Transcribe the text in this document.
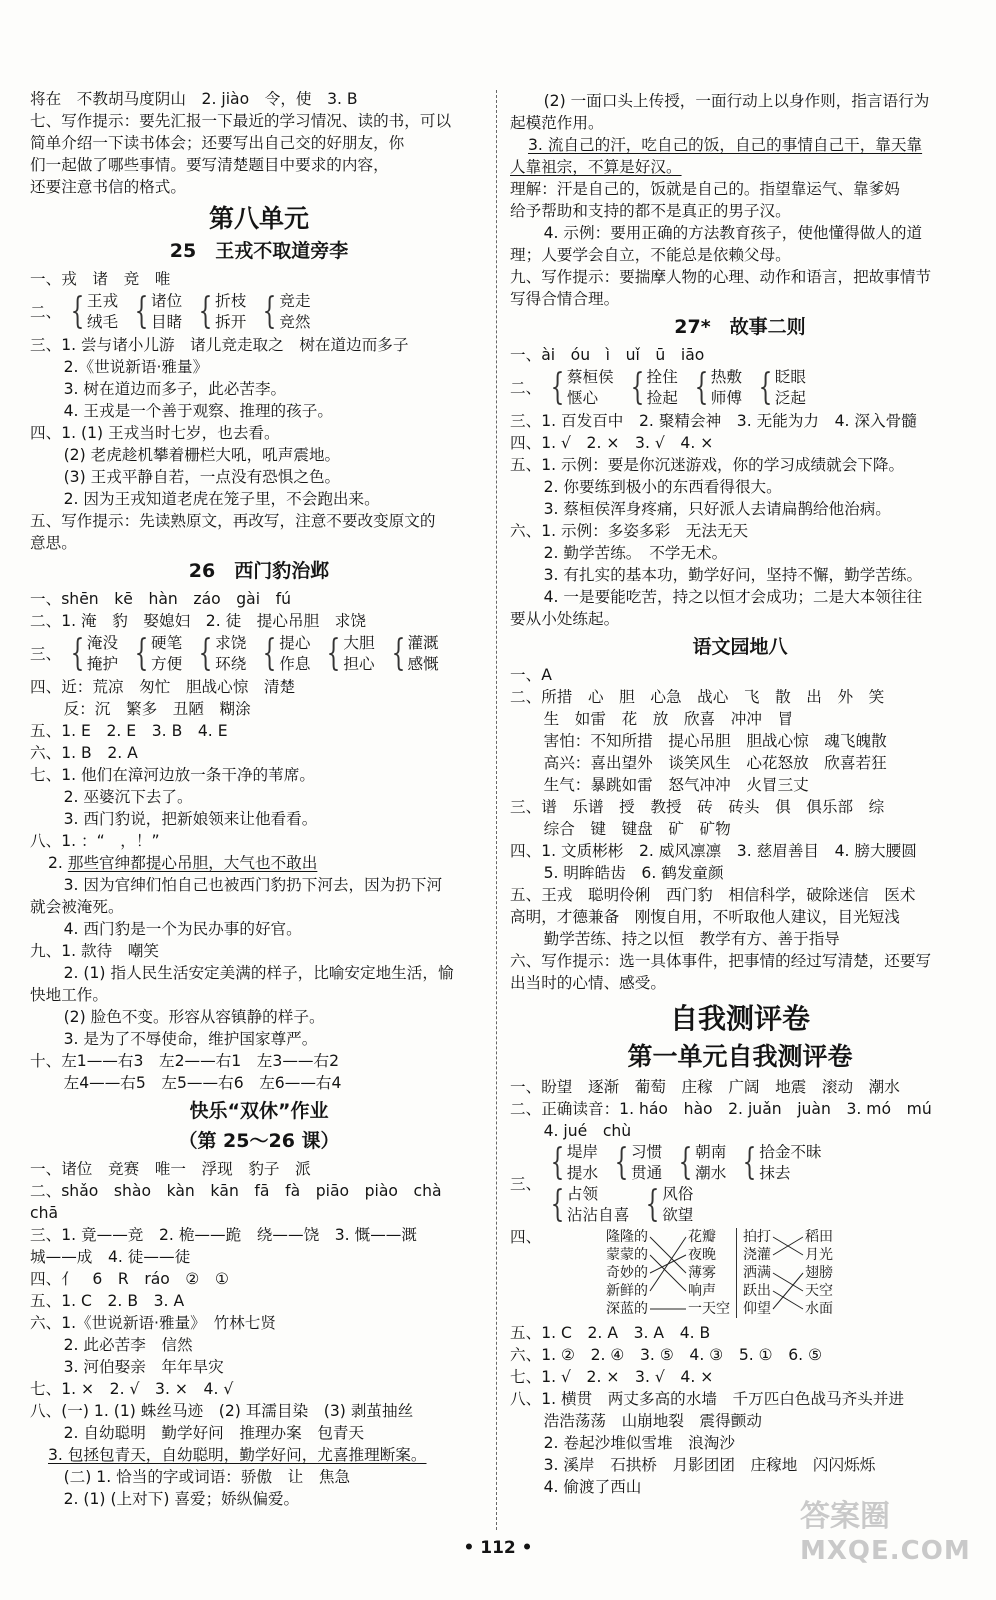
将在　不教胡马度阴山　2. jiào　令，使　3. B
七、写作提示：要先汇报一下最近的学习情况、读的书，可以
简单介绍一下读书体会；还要写出自己交的好朋友，你
们一起做了哪些事情。要写清楚题目中要求的内容，
还要注意书信的格式。
第八单元
25　王戎不取道旁李
一、戎　诸　竞　唯
二、 { 王戎
绒毛 { 诸位
目睹 { 折枝
拆开 { 竞走
竞然
三、1. 尝与诸小儿游　诸儿竞走取之　树在道边而多子
　2.《世说新语·雅量》
　3. 树在道边而多子，此必苦李。
　4. 王戎是一个善于观察、推理的孩子。
四、1. (1) 王戎当时七岁，也去看。
　(2) 老虎趁机攀着栅栏大吼，吼声震地。
　(3) 王戎平静自若，一点没有恐惧之色。
　2. 因为王戎知道老虎在笼子里，不会跑出来。
五、写作提示：先读熟原文，再改写，注意不要改变原文的
意思。
26　西门豹治邺
一、shēn　kē　hàn　záo　gài　fú
二、1. 淹　豹　娶媳妇　2. 徒　提心吊胆　求饶
三、 { 淹没
掩护 { 硬笔
方便 { 求饶
环绕 { 提心
作息 { 大胆
担心 { 灌溉
感慨
四、近：荒凉　匆忙　胆战心惊　清楚
　反：沉　繁多　丑陋　糊涂
五、1. E　2. E　3. B　4. E
六、1. B　2. A
七、1. 他们在漳河边放一条干净的苇席。
　2. 巫婆沉下去了。
　3. 西门豹说，把新娘领来让他看看。
八、1. ：“　，！”
2. 那些官绅都提心吊胆，大气也不敢出
　3. 因为官绅们怕自己也被西门豹扔下河去，因为扔下河
就会被淹死。
　4. 西门豹是一个为民办事的好官。
九、1. 款待　嘲笑
　2. (1) 指人民生活安定美满的样子，比喻安定地生活，愉
快地工作。
　(2) 脸色不变。形容从容镇静的样子。
　3. 是为了不辱使命，维护国家尊严。
十、左1——右3　左2——右1　左3——右2
　左4——右5　左5——右6　左6——右4
快乐“双休”作业
（第 25～26 课）
一、诸位　竞赛　唯一　浮现　豹子　派
二、shǎo　shào　kàn　kān　fā　fà　piāo　piào　chà
chā
三、1. 竟——竞　2. 桅——跪　绕——饶　3. 慨——溉
城——成　4. 徒——徒
四、亻　6　R　ráo　②　①
五、1. C　2. B　3. A
六、1.《世说新语·雅量》　竹林七贤
　2. 此必苦李　信然
　3. 河伯娶亲　年年旱灾
七、1. ×　2. √　3. ×　4. √
八、(一) 1. (1) 蛛丝马迹　(2) 耳濡目染　(3) 剥茧抽丝
　2. 自幼聪明　勤学好问　推理办案　包青天
3. 包拯包青天，自幼聪明，勤学好问，尤喜推理断案。
　(二) 1. 恰当的字或词语：骄傲　让　焦急
　2. (1) (上对下) 喜爱；娇纵偏爱。
　(2) 一面口头上传授，一面行动上以身作则，指言语行为
起模范作用。
3. 流自己的汗，吃自己的饭，自己的事情自己干，靠天靠
人靠祖宗，不算是好汉。
理解：汗是自己的，饭就是自己的。指望靠运气、靠爹妈
给予帮助和支持的都不是真正的男子汉。
　4. 示例：要用正确的方法教育孩子，使他懂得做人的道
理；人要学会自立，不能总是依赖父母。
九、写作提示：要揣摩人物的心理、动作和语言，把故事情节
写得合情合理。
27*　故事二则
一、ài　óu　ì　uǐ　ū　iāo
二、 { 蔡桓侯
惬心 { 拴住
捡起 { 热敷
师傅 { 眨眼
泛起
三、1. 百发百中　2. 聚精会神　3. 无能为力　4. 深入骨髓
四、1. √　2. ×　3. √　4. ×
五、1. 示例：要是你沉迷游戏，你的学习成绩就会下降。
　2. 你要练到极小的东西看得很大。
　3. 蔡桓侯浑身疼痛，只好派人去请扁鹊给他治病。
六、1. 示例：多姿多彩　无法无天
　2. 勤学苦练。　不学无术。
　3. 有扎实的基本功，勤学好问，坚持不懈，勤学苦练。
　4. 一是要能吃苦，持之以恒才会成功；二是大本领往往
要从小处练起。
语文园地八
一、A
二、所措　心　胆　心急　战心　飞　散　出　外　笑
　生　如雷　花　放　欣喜　冲冲　冒
　害怕：不知所措　提心吊胆　胆战心惊　魂飞魄散
　高兴：喜出望外　谈笑风生　心花怒放　欣喜若狂
　生气：暴跳如雷　怒气冲冲　火冒三丈
三、谱　乐谱　授　教授　砖　砖头　俱　俱乐部　综
　综合　键　键盘　矿　矿物
四、1. 文质彬彬　2. 威风凛凛　3. 慈眉善目　4. 膀大腰圆
　5. 明眸皓齿　6. 鹤发童颜
五、王戎　聪明伶俐　西门豹　相信科学，破除迷信　医术
高明，才德兼备　刚愎自用，不听取他人建议，目光短浅
　勤学苦练、持之以恒　教学有方、善于指导
六、写作提示：选一具体事件，把事情的经过写清楚，还要写
出当时的心情、感受。
自我测评卷
第一单元自我测评卷
一、盼望　逐渐　葡萄　庄稼　广阔　地震　滚动　潮水
二、正确读音：1. háo　hào　2. juǎn　juàn　3. mó　mú
　4. jué　chù
三、
{ 堤岸
提水 { 习惯
贯通 { 朝南
潮水 { 拾金不昧
抹去
{ 占领
沾沾自喜 { 风俗
欲望
四、	隆隆的
蒙蒙的
奇妙的
新鲜的
深蓝的
花瓣
夜晚
薄雾
响声
一天空
拍打
浇灌
洒满
跃出
仰望
稻田
月光
翅膀
天空
水面
五、1. C　2. A　3. A　4. B
六、1. ②　2. ④　3. ⑤　4. ③　5. ①　6. ⑤
七、1. √　2. ×　3. √　4. ×
八、1. 横贯　两丈多高的水墙　千万匹白色战马齐头并进
　浩浩荡荡　山崩地裂　震得颤动
　2. 卷起沙堆似雪堆　浪淘沙
　3. 溪岸　石拱桥　月影团团　庄稼地　闪闪烁烁
　4. 偷渡了西山
• 112 •
答案圈
MXQE.COM
